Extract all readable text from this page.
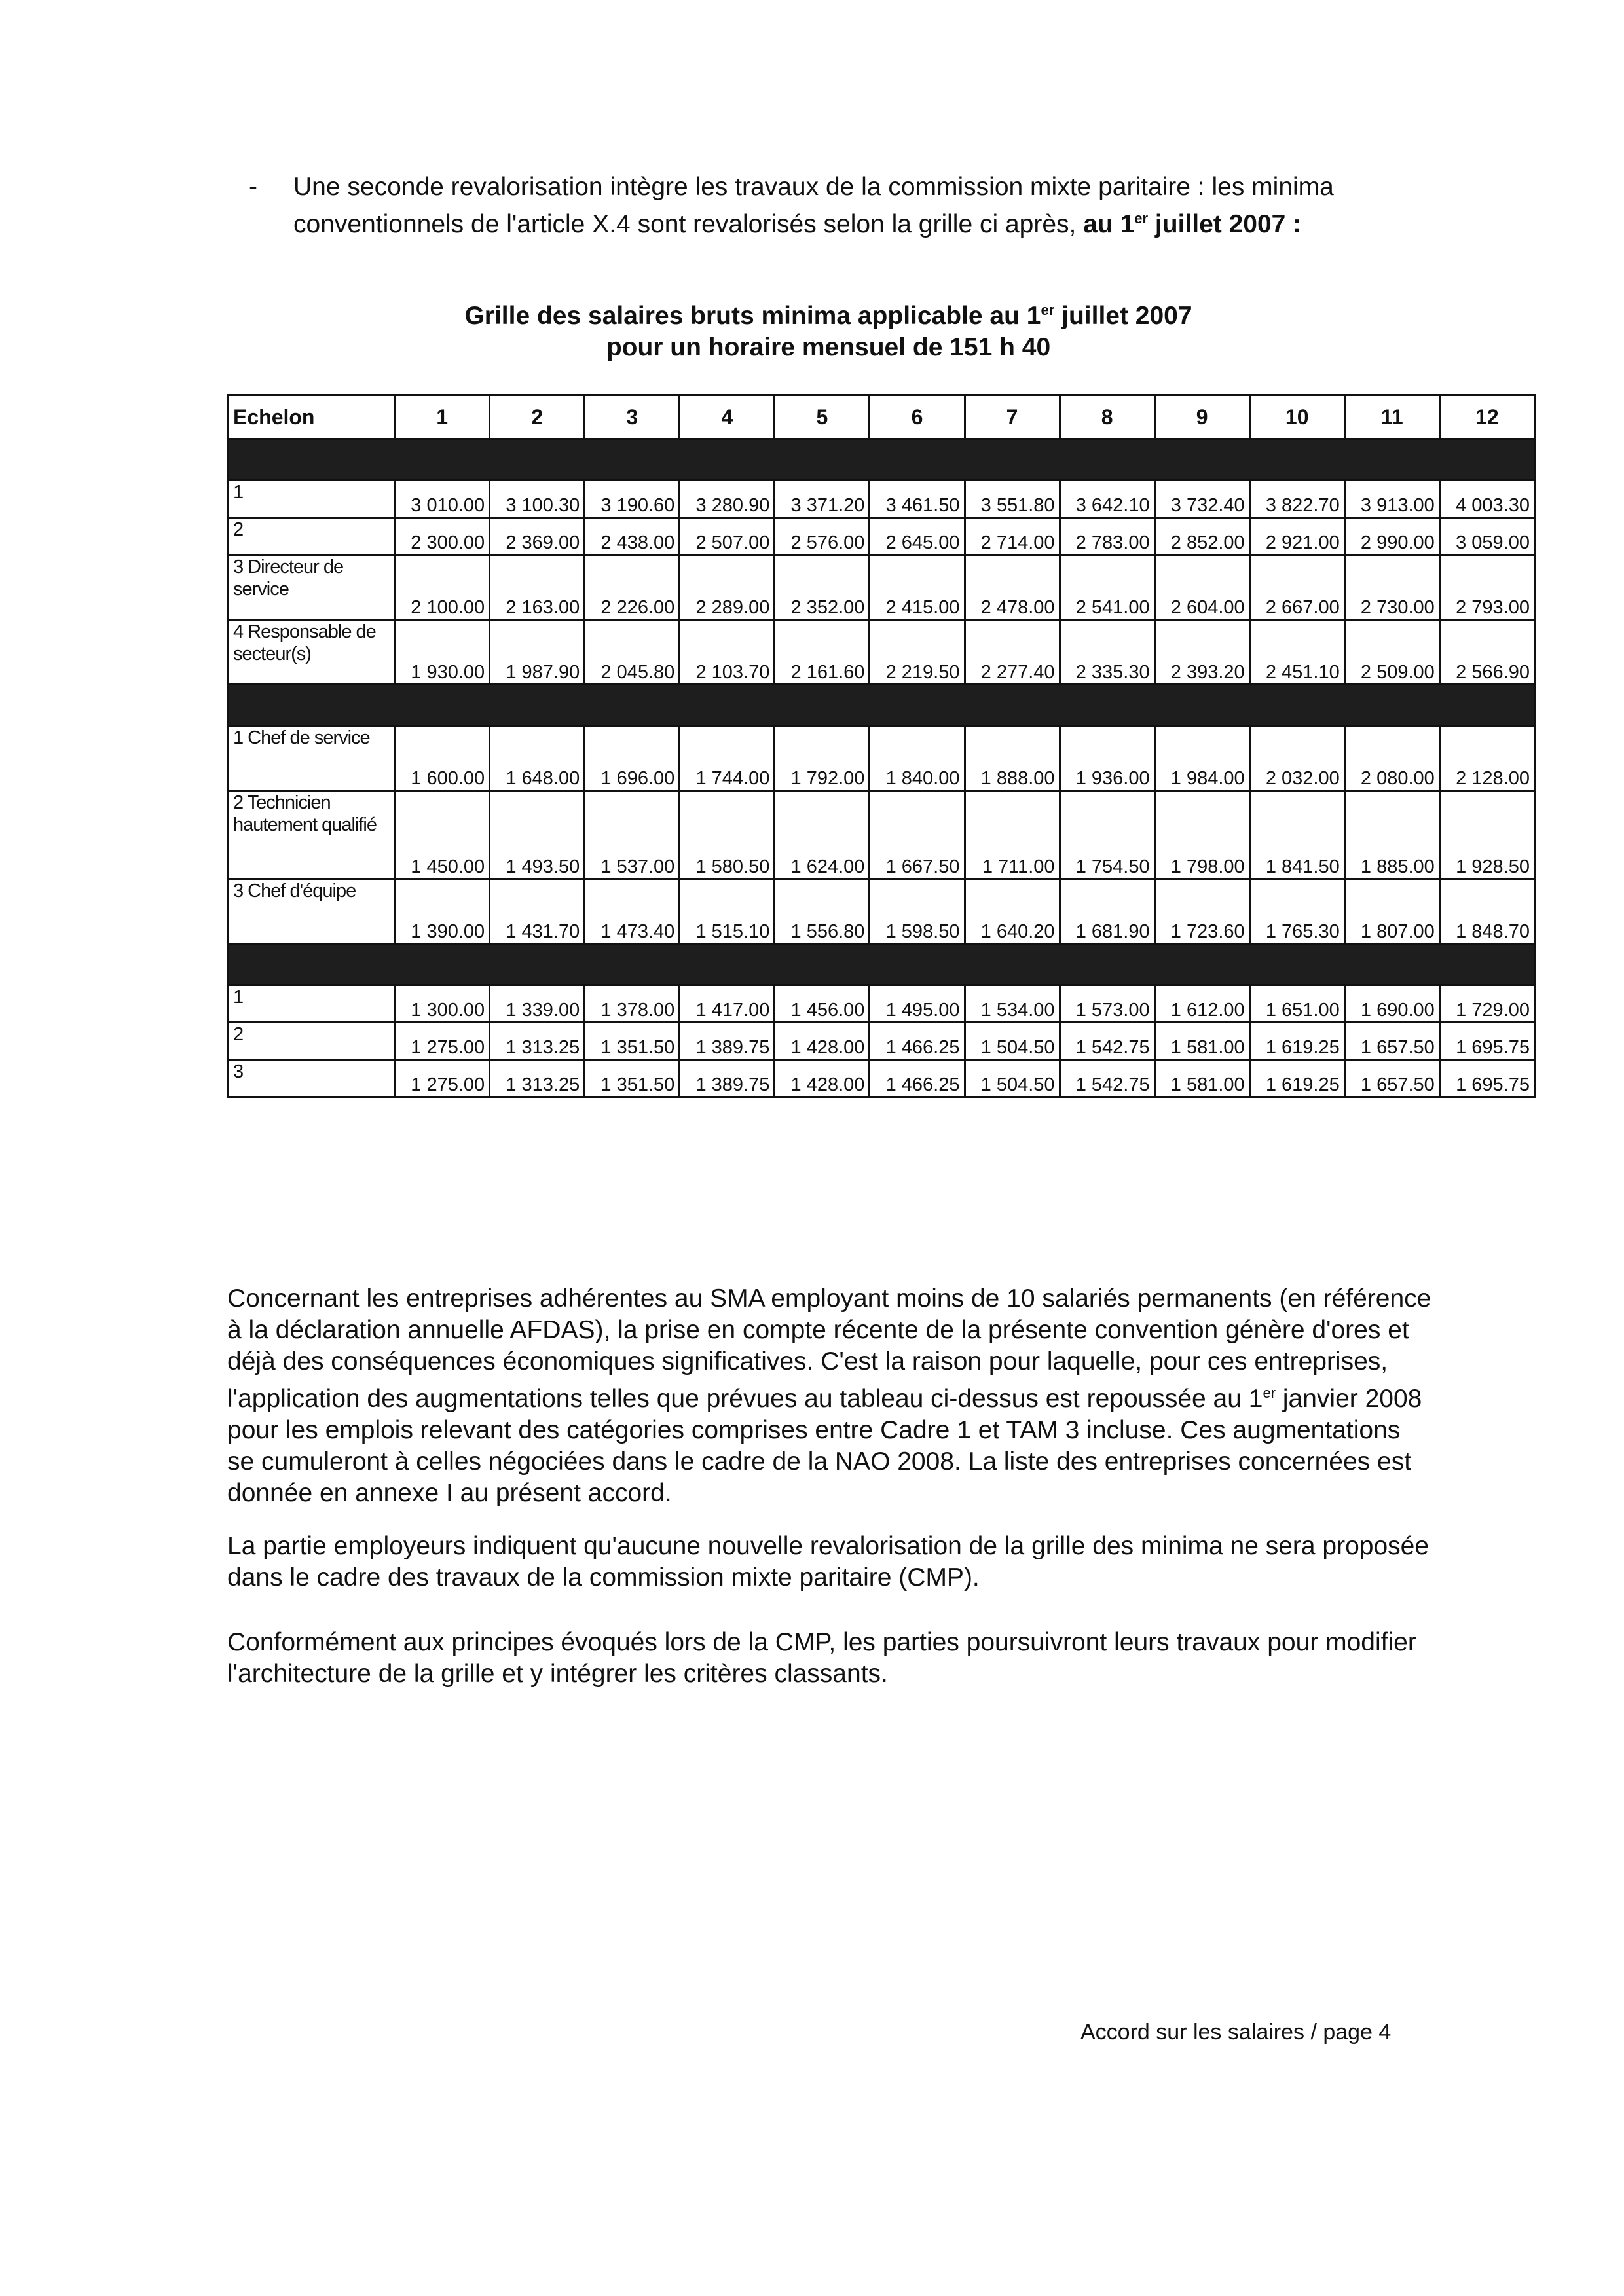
- Une seconde revalorisation intègre les travaux de la commission mixte paritaire : les minima conventionnels de l'article X.4 sont revalorisés selon la grille ci après, au 1er juillet 2007 :
Grille des salaires bruts minima applicable au 1er juillet 2007
pour un horaire mensuel de 151 h 40
Echelon	1	2	3	4	5	6	7	8	9	10	11	12

1	3 010.00	3 100.30	3 190.60	3 280.90	3 371.20	3 461.50	3 551.80	3 642.10	3 732.40	3 822.70	3 913.00	4 003.30
2	2 300.00	2 369.00	2 438.00	2 507.00	2 576.00	2 645.00	2 714.00	2 783.00	2 852.00	2 921.00	2 990.00	3 059.00
3 Directeur de service	2 100.00	2 163.00	2 226.00	2 289.00	2 352.00	2 415.00	2 478.00	2 541.00	2 604.00	2 667.00	2 730.00	2 793.00
4 Responsable de secteur(s)	1 930.00	1 987.90	2 045.80	2 103.70	2 161.60	2 219.50	2 277.40	2 335.30	2 393.20	2 451.10	2 509.00	2 566.90

1 Chef de service	1 600.00	1 648.00	1 696.00	1 744.00	1 792.00	1 840.00	1 888.00	1 936.00	1 984.00	2 032.00	2 080.00	2 128.00
2 Technicien hautement qualifié	1 450.00	1 493.50	1 537.00	1 580.50	1 624.00	1 667.50	1 711.00	1 754.50	1 798.00	1 841.50	1 885.00	1 928.50
3 Chef d'équipe	1 390.00	1 431.70	1 473.40	1 515.10	1 556.80	1 598.50	1 640.20	1 681.90	1 723.60	1 765.30	1 807.00	1 848.70

1	1 300.00	1 339.00	1 378.00	1 417.00	1 456.00	1 495.00	1 534.00	1 573.00	1 612.00	1 651.00	1 690.00	1 729.00
2	1 275.00	1 313.25	1 351.50	1 389.75	1 428.00	1 466.25	1 504.50	1 542.75	1 581.00	1 619.25	1 657.50	1 695.75
3	1 275.00	1 313.25	1 351.50	1 389.75	1 428.00	1 466.25	1 504.50	1 542.75	1 581.00	1 619.25	1 657.50	1 695.75
Concernant les entreprises adhérentes au SMA employant moins de 10 salariés permanents (en référence à la déclaration annuelle AFDAS), la prise en compte récente de la présente convention génère d'ores et déjà des conséquences économiques significatives. C'est la raison pour laquelle, pour ces entreprises, l'application des augmentations telles que prévues au tableau ci-dessus est repoussée au 1er janvier 2008 pour les emplois relevant des catégories comprises entre Cadre 1 et TAM 3 incluse. Ces augmentations se cumuleront à celles négociées dans le cadre de la NAO 2008. La liste des entreprises concernées est donnée en annexe I au présent accord.
La partie employeurs indiquent qu'aucune nouvelle revalorisation de la grille des minima ne sera proposée dans le cadre des travaux de la commission mixte paritaire (CMP).
Conformément aux principes évoqués lors de la CMP, les parties poursuivront leurs travaux pour modifier l'architecture de la grille et y intégrer les critères classants.
Accord sur les salaires / page 4
